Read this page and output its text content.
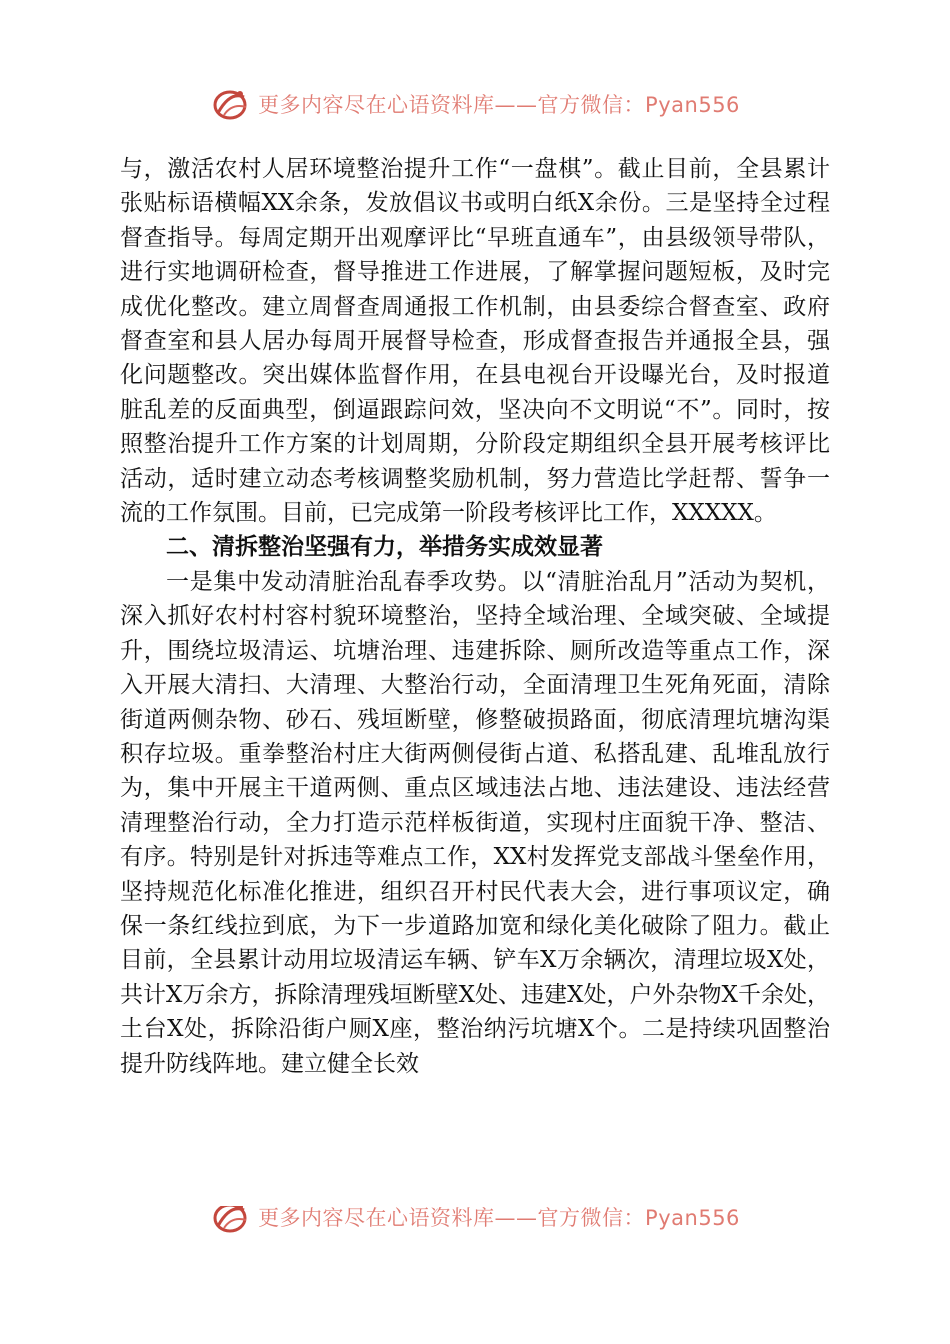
更多内容尽在心语资料库——官方微信：Pyan556

与，激活农村人居环境整治提升工作“一盘棋”。截止目前，全县累计张贴标语横幅XX余条，发放倡议书或明白纸X余份。三是坚持全过程督查指导。每周定期开出观摩评比“早班直通车”，由县级领导带队，进行实地调研检查，督导推进工作进展，了解掌握问题短板，及时完成优化整改。建立周督查周通报工作机制，由县委综合督查室、政府督查室和县人居办每周开展督导检查，形成督查报告并通报全县，强化问题整改。突出媒体监督作用，在县电视台开设曝光台，及时报道脏乱差的反面典型，倒逼跟踪问效，坚决向不文明说“不”。同时，按照整治提升工作方案的计划周期，分阶段定期组织全县开展考核评比活动，适时建立动态考核调整奖励机制，努力营造比学赶帮、誓争一流的工作氛围。目前，已完成第一阶段考核评比工作，XXXXX。

二、清拆整治坚强有力，举措务实成效显著

一是集中发动清脏治乱春季攻势。以“清脏治乱月”活动为契机，深入抓好农村村容村貌环境整治，坚持全域治理、全域突破、全域提升，围绕垃圾清运、坑塘治理、违建拆除、厕所改造等重点工作，深入开展大清扫、大清理、大整治行动，全面清理卫生死角死面，清除街道两侧杂物、砂石、残垣断壁，修整破损路面，彻底清理坑塘沟渠积存垃圾。重拳整治村庄大街两侧侵街占道、私搭乱建、乱堆乱放行为，集中开展主干道两侧、重点区域违法占地、违法建设、违法经营清理整治行动，全力打造示范样板街道，实现村庄面貌干净、整洁、有序。特别是针对拆违等难点工作，XX村发挥党支部战斗堡垒作用，坚持规范化标准化推进，组织召开村民代表大会，进行事项议定，确保一条红线拉到底，为下一步道路加宽和绿化美化破除了阻力。截止目前，全县累计动用垃圾清运车辆、铲车X万余辆次，清理垃圾X处，共计X万余方，拆除清理残垣断壁X处、违建X处，户外杂物X千余处，土台X处，拆除沿街户厕X座，整治纳污坑塘X个。二是持续巩固整治提升防线阵地。建立健全长效

更多内容尽在心语资料库——官方微信：Pyan556
